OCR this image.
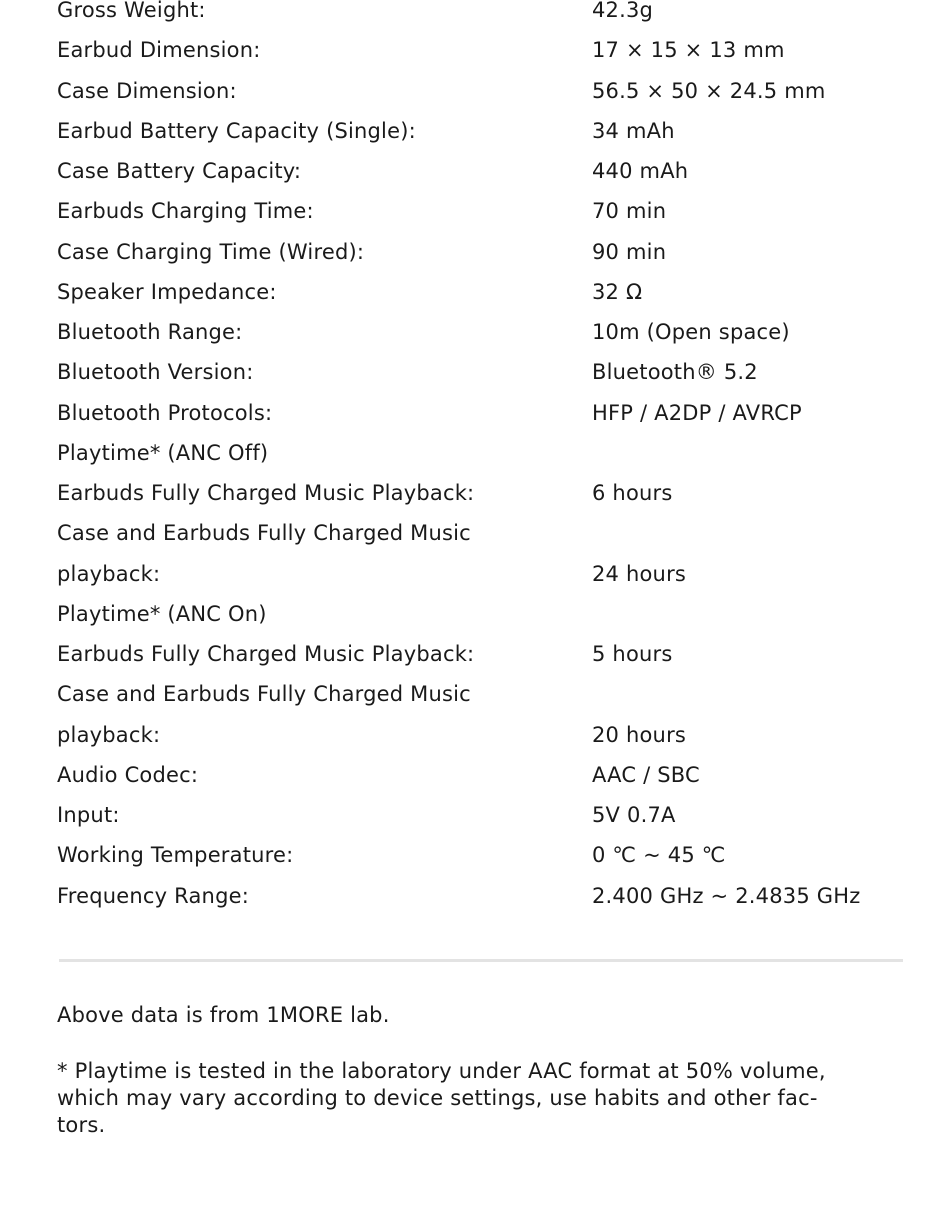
Gross Weight:	42.3g
Earbud Dimension:	17 × 15 × 13 mm
Case Dimension:	56.5 × 50 × 24.5 mm
Earbud Battery Capacity (Single):	34 mAh
Case Battery Capacity:	440 mAh
Earbuds Charging Time:	70 min
Case Charging Time (Wired):	90 min
Speaker Impedance:	32 Ω
Bluetooth Range:	10m (Open space)
Bluetooth Version:	Bluetooth® 5.2
Bluetooth Protocols:	HFP / A2DP / AVRCP
Playtime* (ANC Off)
Earbuds Fully Charged Music Playback:	6 hours
Case and Earbuds Fully Charged Music
playback:	24 hours
Playtime* (ANC On)
Earbuds Fully Charged Music Playback:	5 hours
Case and Earbuds Fully Charged Music
playback:	20 hours
Audio Codec:	AAC / SBC
Input:	5V 0.7A
Working Temperature:	0 ℃ ~ 45 ℃
Frequency Range:	2.400 GHz ~ 2.4835 GHz
Above data is from 1MORE lab.
* Playtime is tested in the laboratory under AAC format at 50% volume,
which may vary according to device settings, use habits and other fac-
tors.
